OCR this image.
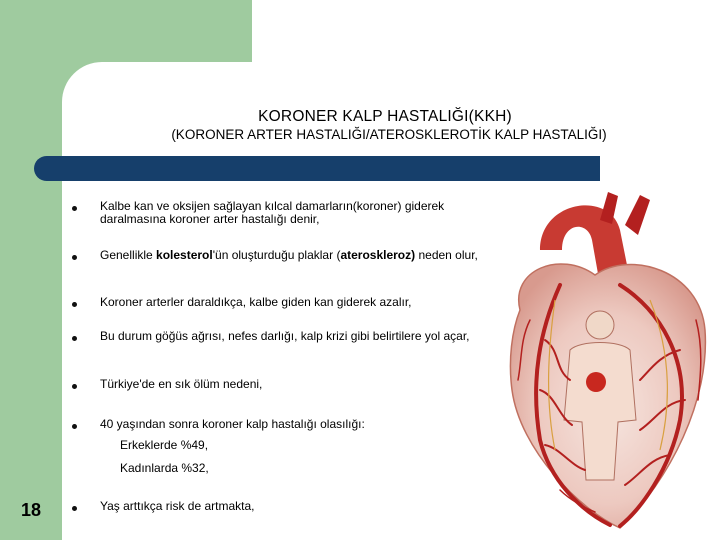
KORONER KALP HASTALIĞI(KKH)
(KORONER ARTER HASTALIĞI/ATEROSKLEROTİK KALP HASTALIĞI)
Kalbe kan ve oksijen sağlayan kılcal damarların(koroner) giderek daralmasına koroner arter hastalığı denir,
Genellikle kolesterol'ün oluşturduğu plaklar (ateroskleroz) neden olur,
Koroner arterler daraldıkça, kalbe giden kan giderek azalır,
Bu durum göğüs ağrısı, nefes darlığı, kalp krizi gibi belirtilere yol açar,
Türkiye'de en sık ölüm nedeni,
40 yaşından sonra koroner kalp hastalığı olasılığı:
Erkeklerde %49,
Kadınlarda %32,
Yaş arttıkça risk de artmakta,
18
